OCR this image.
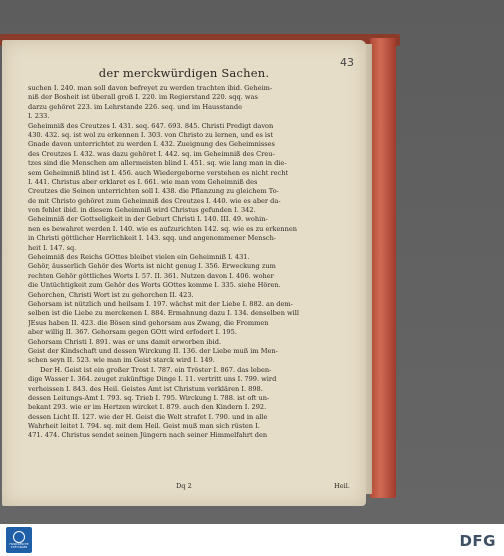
43
der merckwürdigen Sachen.
suchen I. 240. man soll davon befreyet zu werden trachten ibid. Geheim-
niß der Bosheit ist überall groß I. 220. im Regierstand 220. sqq. was
darzu gehöret 223. im Lehrstande 226. seq. und im Hausstande
I. 233.
Geheimniß des Creutzes I. 431. seq. 647. 693. 845. Christi Predigt davon
430. 432. sq. ist wol zu erkennen I. 303. von Christo zu lernen, und es ist
Gnade davon unterrichtet zu werden I. 432. Zueignung des Geheimnisses
des Creutzes I. 432. was dazu gehöret I. 442. sq. im Geheimniß des Creu-
tzes sind die Menschen am allermeisten blind I. 451. sq. wie lang man in die-
sem Geheimniß blind ist I. 456. auch Wiedergeborne verstehen es nicht recht
I. 441. Christus aber erklaret es I. 661. wie man vom Geheimniß des
Creutzes die Seinen unterrichten soll I. 438. die Pflanzung zu gleichem To-
de mit Christo gehöret zum Geheimniß des Creutzes I. 440. wie es aber da-
von fehlet ibid. in diesem Geheimniß wird Christus gefunden I. 342.
Geheimniß der Gottseligkeit in der Geburt Christi I. 140. III. 49. wohin-
nen es bewahret werden I. 140. wie es aufzurichten 142. sq. wie es zu erkennen
in Christi göttlicher Herrlichkeit I. 143. sqq. und angenommener Mensch-
heit I. 147. sq.
Geheimniß des Reichs GOttes bleibet vielen ein Geheimniß I. 431.
Gehör, äusserlich Gehör des Worts ist nicht genug I. 356. Erweckung zum
rechten Gehör göttliches Worts I. 57. II. 361. Nutzen davon I. 406. woher
die Untüchtigkeit zum Gehör des Worts GOttes komme I. 335. siehe Hören.
Gehorchen, Christi Wort ist zu gehorchen II. 423.
Gehorsam ist nützlich und heilsam I. 197. wächst mit der Liebe I. 882. an dem-
selben ist die Liebe zu merckenen I. 884. Ermahnung dazu I. 134. denselben will
JEsus haben II. 423. die Bösen sind gehorsam aus Zwang, die Frommen
aber willig II. 367. Gehorsam gegen GOtt wird erfodert I. 195.
Gehorsam Christi I. 891. was er uns damit erworben ibid.
Geist der Kindschaft und dessen Wirckung II. 136. der Liebe muß im Men-
schen seyn II. 523. wie man im Geist starck wird I. 149.
Der H. Geist ist ein großer Trost I. 787. ein Tröster I. 867. das leben-
dige Wasser I. 364. zeuget zukünftige Dinge I. 11. vertritt uns I. 799. wird
verheissen I. 843. des Heil. Geistes Amt ist Christum verklären I. 898.
dessen Leitungs-Amt I. 793. sq. Trieb I. 795. Wirckung I. 788. ist oft un-
bekant 293. wie er im Hertzen wircket I. 879. auch den Kindern I. 292.
dessen Licht II. 127. wie der H. Geist die Welt strafet I. 790. und in alle
Wahrheit leitet I. 794. sq. mit dem Heil. Geist muß man sich rüsten I.
471. 474. Christus sendet seinen Jüngern nach seiner Himmelfahrt den
Dq 2	Heil.
FRANCKESCHE
STIFTUNGEN	DFG
